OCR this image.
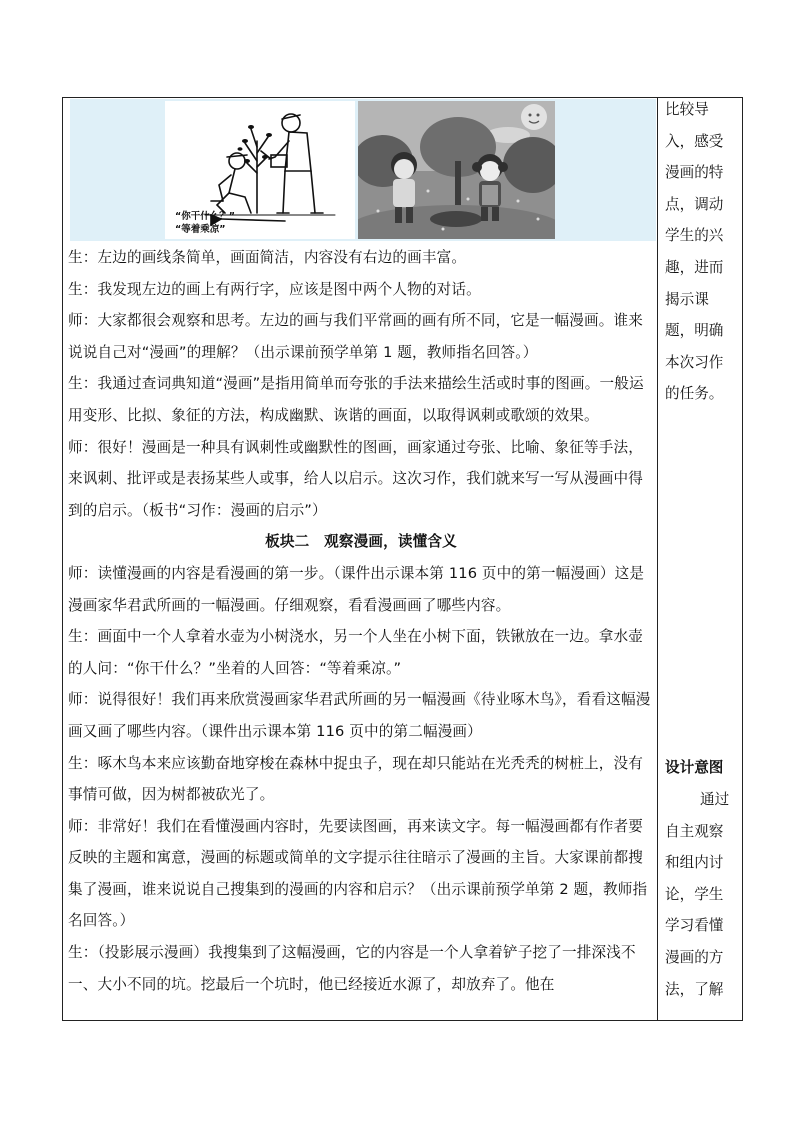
“你干什么？”
“等着乘凉”

生：左边的画线条简单，画面简洁，内容没有右边的画丰富。

生：我发现左边的画上有两行字，应该是图中两个人物的对话。

师：大家都很会观察和思考。左边的画与我们平常画的画有所不同，它是一幅漫画。谁来说说自己对“漫画”的理解？（出示课前预学单第 1 题，教师指名回答。）

生：我通过查词典知道“漫画”是指用简单而夸张的手法来描绘生活或时事的图画。一般运用变形、比拟、象征的方法，构成幽默、诙谐的画面，以取得讽刺或歌颂的效果。

师：很好！漫画是一种具有讽刺性或幽默性的图画，画家通过夸张、比喻、象征等手法，来讽刺、批评或是表扬某些人或事，给人以启示。这次习作，我们就来写一写从漫画中得到的启示。（板书“习作：漫画的启示”）

板块二　观察漫画，读懂含义

师：读懂漫画的内容是看漫画的第一步。（课件出示课本第 116 页中的第一幅漫画）这是漫画家华君武所画的一幅漫画。仔细观察，看看漫画画了哪些内容。

生：画面中一个人拿着水壶为小树浇水，另一个人坐在小树下面，铁锹放在一边。拿水壶的人问：“你干什么？”坐着的人回答：“等着乘凉。”

师：说得很好！我们再来欣赏漫画家华君武所画的另一幅漫画《待业啄木鸟》，看看这幅漫画又画了哪些内容。（课件出示课本第 116 页中的第二幅漫画）

生：啄木鸟本来应该勤奋地穿梭在森林中捉虫子，现在却只能站在光秃秃的树桩上，没有事情可做，因为树都被砍光了。

师：非常好！我们在看懂漫画内容时，先要读图画，再来读文字。每一幅漫画都有作者要反映的主题和寓意，漫画的标题或简单的文字提示往往暗示了漫画的主旨。大家课前都搜集了漫画，谁来说说自己搜集到的漫画的内容和启示？（出示课前预学单第 2 题，教师指名回答。）

生：（投影展示漫画）我搜集到了这幅漫画，它的内容是一个人拿着铲子挖了一排深浅不一、大小不同的坑。挖最后一个坑时，他已经接近水源了，却放弃了。他在

比较导
入，感受
漫画的特
点，调动
学生的兴
趣，进而
揭示课
题，明确
本次习作
的任务。
设计意图
通过
自主观察
和组内讨
论，学生
学习看懂
漫画的方
法，了解
